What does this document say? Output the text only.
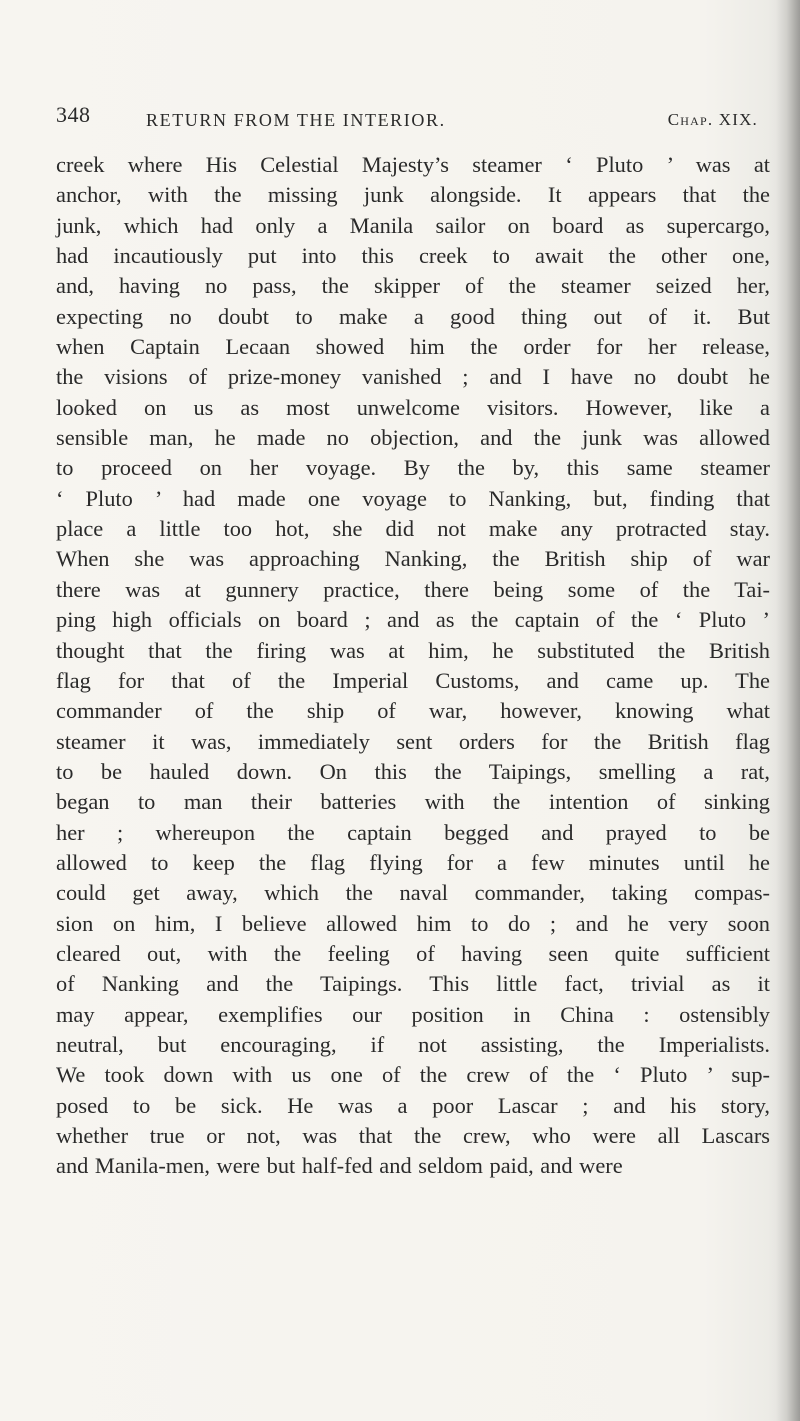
348	RETURN FROM THE INTERIOR.	Chap. XIX.
creek where His Celestial Majesty’s steamer ‘ Pluto ’ was at
anchor, with the missing junk alongside. It appears that the
junk, which had only a Manila sailor on board as supercargo,
had incautiously put into this creek to await the other one,
and, having no pass, the skipper of the steamer seized her,
expecting no doubt to make a good thing out of it. But
when Captain Lecaan showed him the order for her release,
the visions of prize-money vanished ; and I have no doubt he
looked on us as most unwelcome visitors. However, like a
sensible man, he made no objection, and the junk was allowed
to proceed on her voyage. By the by, this same steamer
‘ Pluto ’ had made one voyage to Nanking, but, finding that
place a little too hot, she did not make any protracted stay.
When she was approaching Nanking, the British ship of war
there was at gunnery practice, there being some of the Tai-
ping high officials on board ; and as the captain of the ‘ Pluto ’
thought that the firing was at him, he substituted the British
flag for that of the Imperial Customs, and came up. The
commander of the ship of war, however, knowing what
steamer it was, immediately sent orders for the British flag
to be hauled down. On this the Taipings, smelling a rat,
began to man their batteries with the intention of sinking
her ; whereupon the captain begged and prayed to be
allowed to keep the flag flying for a few minutes until he
could get away, which the naval commander, taking compas-
sion on him, I believe allowed him to do ; and he very soon
cleared out, with the feeling of having seen quite sufficient
of Nanking and the Taipings. This little fact, trivial as it
may appear, exemplifies our position in China : ostensibly
neutral, but encouraging, if not assisting, the Imperialists.
We took down with us one of the crew of the ‘ Pluto ’ sup-
posed to be sick. He was a poor Lascar ; and his story,
whether true or not, was that the crew, who were all Lascars
and Manila-men, were but half-fed and seldom paid, and were
